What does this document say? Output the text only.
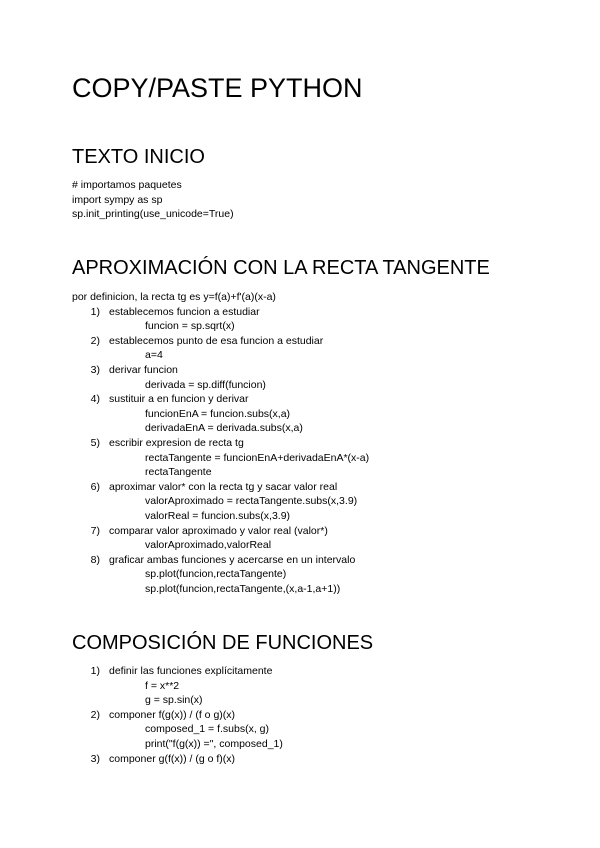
COPY/PASTE PYTHON
TEXTO INICIO
# importamos paquetes
import sympy as sp
sp.init_printing(use_unicode=True)
APROXIMACIÓN CON LA RECTA TANGENTE
por definicion, la recta tg es y=f(a)+f'(a)(x-a)
1) establecemos funcion a estudiar
funcion = sp.sqrt(x)
2) establecemos punto de esa funcion a estudiar
a=4
3) derivar funcion
derivada = sp.diff(funcion)
4) sustituir a en funcion y derivar
funcionEnA = funcion.subs(x,a)
derivadaEnA = derivada.subs(x,a)
5) escribir expresion de recta tg
rectaTangente = funcionEnA+derivadaEnA*(x-a)
rectaTangente
6) aproximar valor* con la recta tg y sacar valor real
valorAproximado = rectaTangente.subs(x,3.9)
valorReal = funcion.subs(x,3.9)
7) comparar valor aproximado y valor real (valor*)
valorAproximado,valorReal
8) graficar ambas funciones y acercarse en un intervalo
sp.plot(funcion,rectaTangente)
sp.plot(funcion,rectaTangente,(x,a-1,a+1))
COMPOSICIÓN DE FUNCIONES
1) definir las funciones explícitamente
f = x**2
g = sp.sin(x)
2) componer f(g(x)) / (f o g)(x)
composed_1 = f.subs(x, g)
print("f(g(x)) =", composed_1)
3) componer g(f(x)) / (g o f)(x)
